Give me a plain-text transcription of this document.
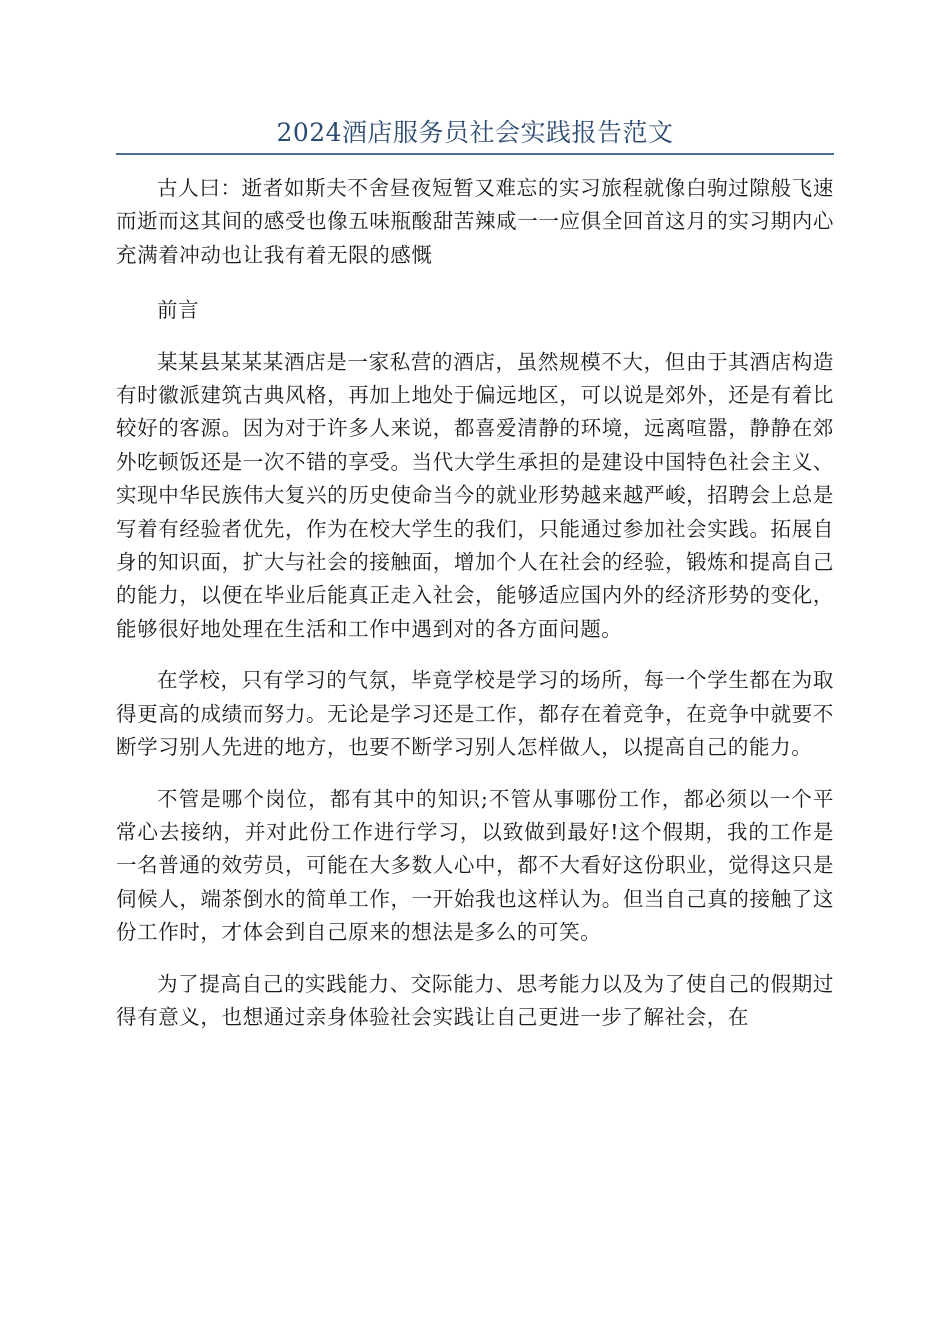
2024酒店服务员社会实践报告范文

古人曰：逝者如斯夫不舍昼夜短暂又难忘的实习旅程就像白驹过隙般飞速而逝而这其间的感受也像五味瓶酸甜苦辣咸一一应俱全回首这月的实习期内心充满着冲动也让我有着无限的感慨

前言

某某县某某某酒店是一家私营的酒店，虽然规模不大，但由于其酒店构造有时徽派建筑古典风格，再加上地处于偏远地区，可以说是郊外，还是有着比较好的客源。因为对于许多人来说，都喜爱清静的环境，远离喧嚣，静静在郊外吃顿饭还是一次不错的享受。当代大学生承担的是建设中国特色社会主义、实现中华民族伟大复兴的历史使命当今的就业形势越来越严峻，招聘会上总是写着有经验者优先，作为在校大学生的我们，只能通过参加社会实践。拓展自身的知识面，扩大与社会的接触面，增加个人在社会的经验，锻炼和提高自己的能力，以便在毕业后能真正走入社会，能够适应国内外的经济形势的变化，能够很好地处理在生活和工作中遇到对的各方面问题。

在学校，只有学习的气氛，毕竟学校是学习的场所，每一个学生都在为取得更高的成绩而努力。无论是学习还是工作，都存在着竞争，在竞争中就要不断学习别人先进的地方，也要不断学习别人怎样做人，以提高自己的能力。

不管是哪个岗位，都有其中的知识;不管从事哪份工作，都必须以一个平常心去接纳，并对此份工作进行学习，以致做到最好!这个假期，我的工作是一名普通的效劳员，可能在大多数人心中，都不大看好这份职业，觉得这只是伺候人，端茶倒水的简单工作，一开始我也这样认为。但当自己真的接触了这份工作时，才体会到自己原来的想法是多么的可笑。

为了提高自己的实践能力、交际能力、思考能力以及为了使自己的假期过得有意义，也想通过亲身体验社会实践让自己更进一步了解社会，在
